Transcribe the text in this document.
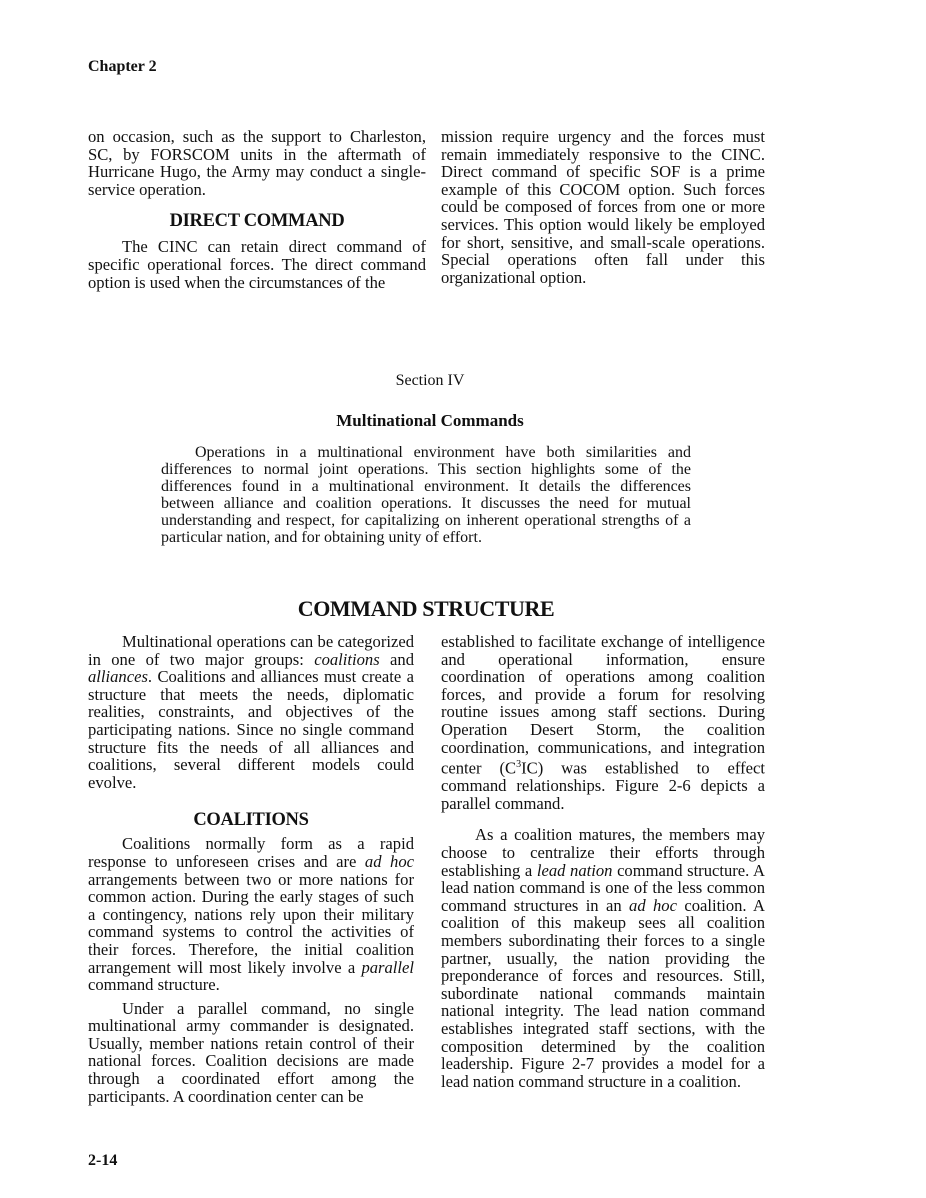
Chapter 2

on occasion, such as the support to Charleston, SC, by FORSCOM units in the aftermath of Hurricane Hugo, the Army may conduct a single-service operation.

DIRECT COMMAND

The CINC can retain direct command of specific operational forces. The direct command option is used when the circumstances of the

mission require urgency and the forces must remain immediately responsive to the CINC. Direct command of specific SOF is a prime example of this COCOM option. Such forces could be composed of forces from one or more services. This option would likely be employed for short, sensitive, and small-scale operations. Special operations often fall under this organizational option.

Section IV
Multinational Commands

Operations in a multinational environment have both similarities and differences to normal joint operations. This section highlights some of the differences found in a multinational environment. It details the differences between alliance and coalition operations. It discusses the need for mutual understanding and respect, for capitalizing on inherent operational strengths of a particular nation, and for obtaining unity of effort.

COMMAND STRUCTURE

Multinational operations can be categorized in one of two major groups: coalitions and alliances. Coalitions and alliances must create a structure that meets the needs, diplomatic realities, constraints, and objectives of the participating nations. Since no single command structure fits the needs of all alliances and coalitions, several different models could evolve.

COALITIONS

Coalitions normally form as a rapid response to unforeseen crises and are ad hoc arrangements between two or more nations for common action. During the early stages of such a contingency, nations rely upon their military command systems to control the activities of their forces. Therefore, the initial coalition arrangement will most likely involve a parallel command structure.

Under a parallel command, no single multinational army commander is designated. Usually, member nations retain control of their national forces. Coalition decisions are made through a coordinated effort among the participants. A coordination center can be

established to facilitate exchange of intelligence and operational information, ensure coordination of operations among coalition forces, and provide a forum for resolving routine issues among staff sections. During Operation Desert Storm, the coalition coordination, communications, and integration center $(C^3IC)$ was established to effect command relationships. Figure 2-6 depicts a parallel command.

As a coalition matures, the members may choose to centralize their efforts through establishing a lead nation command structure. A lead nation command is one of the less common command structures in an ad hoc coalition. A coalition of this makeup sees all coalition members subordinating their forces to a single partner, usually, the nation providing the preponderance of forces and resources. Still, subordinate national commands maintain national integrity. The lead nation command establishes integrated staff sections, with the composition determined by the coalition leadership. Figure 2-7 provides a model for a lead nation command structure in a coalition.

2-14
